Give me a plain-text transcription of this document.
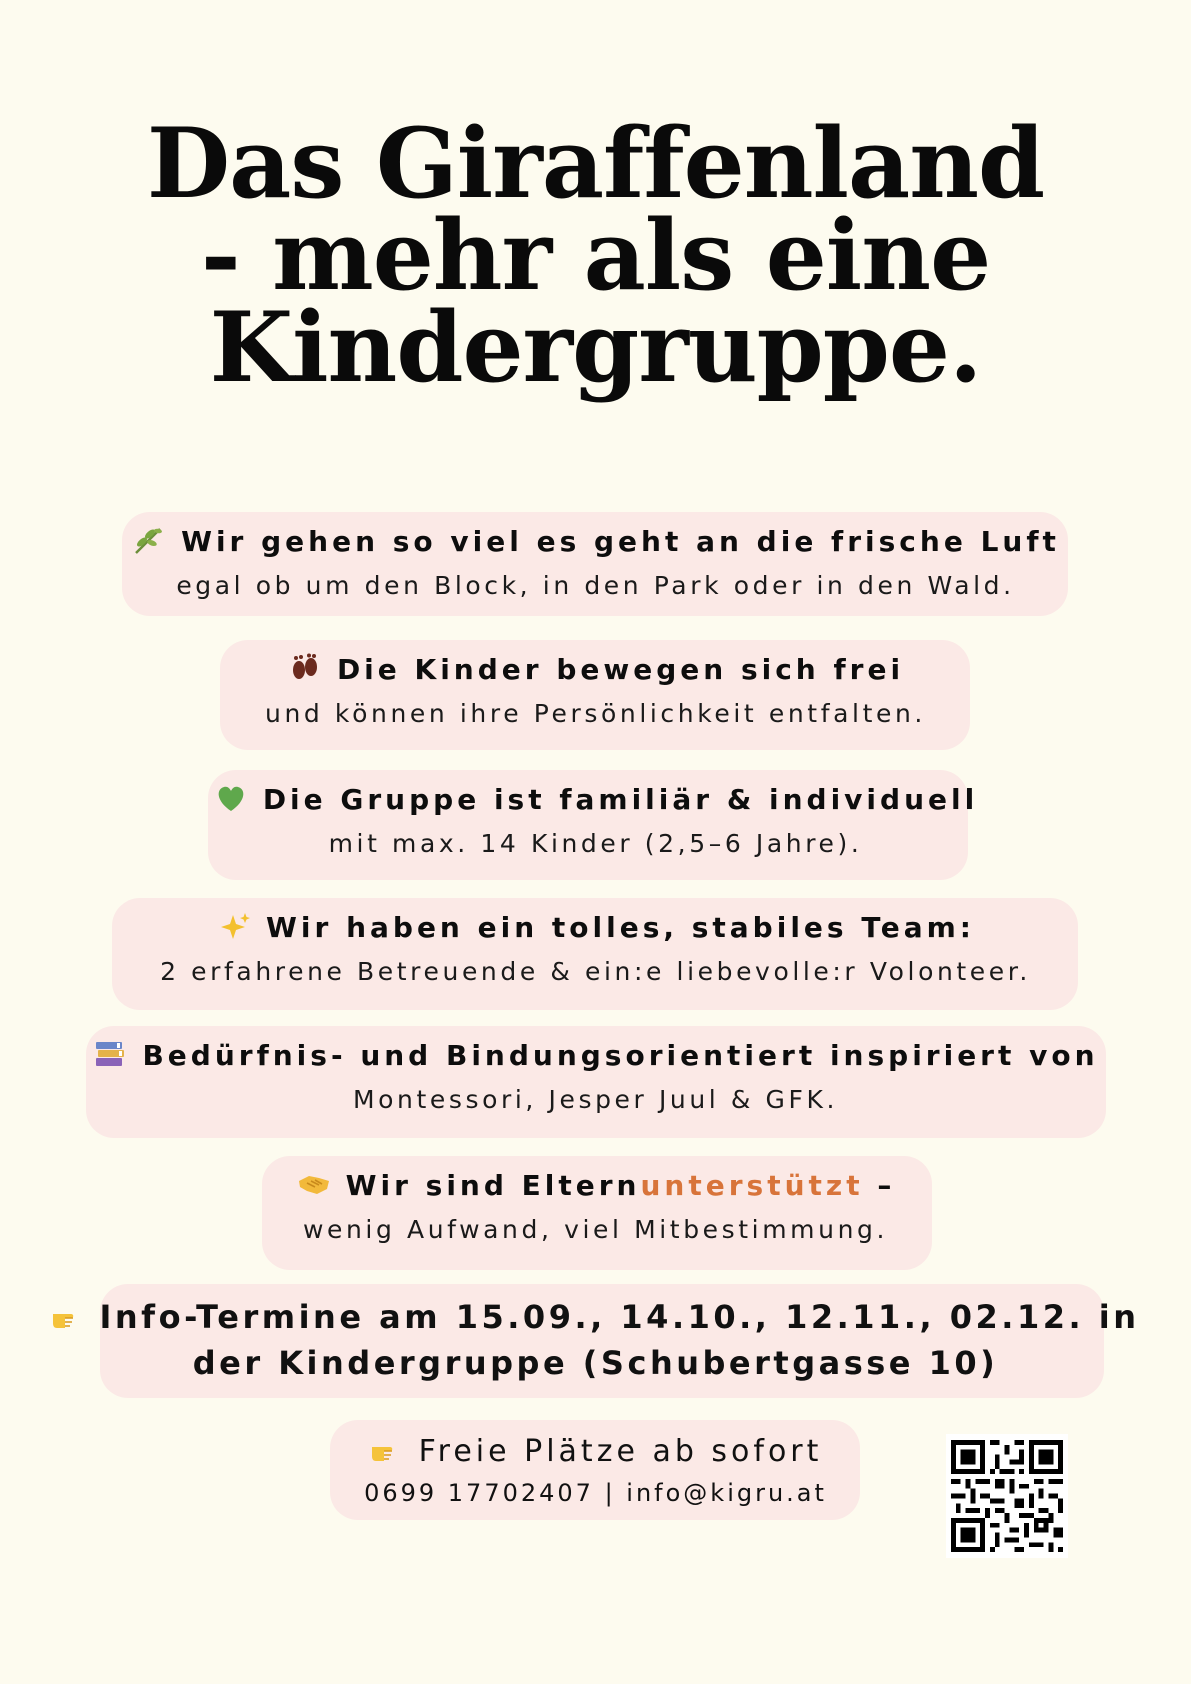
Das Giraffenland
- mehr als eine
Kindergruppe.
Wir gehen so viel es geht an die frische Luft
egal ob um den Block, in den Park oder in den Wald.
Die Kinder bewegen sich frei
und können ihre Persönlichkeit entfalten.
Die Gruppe ist familiär & individuell
mit max. 14 Kinder (2,5–6 Jahre).
Wir haben ein tolles, stabiles Team:
2 erfahrene Betreuende & ein:e liebevolle:r Volonteer.
Bedürfnis- und Bindungsorientiert inspiriert von
Montessori, Jesper Juul & GFK.
Wir sind Elternunterstützt –
wenig Aufwand, viel Mitbestimmung.
Info-Termine am 15.09., 14.10., 12.11., 02.12. in
der Kindergruppe (Schubertgasse 10)
Freie Plätze ab sofort
0699 17702407 | info@kigru.at
